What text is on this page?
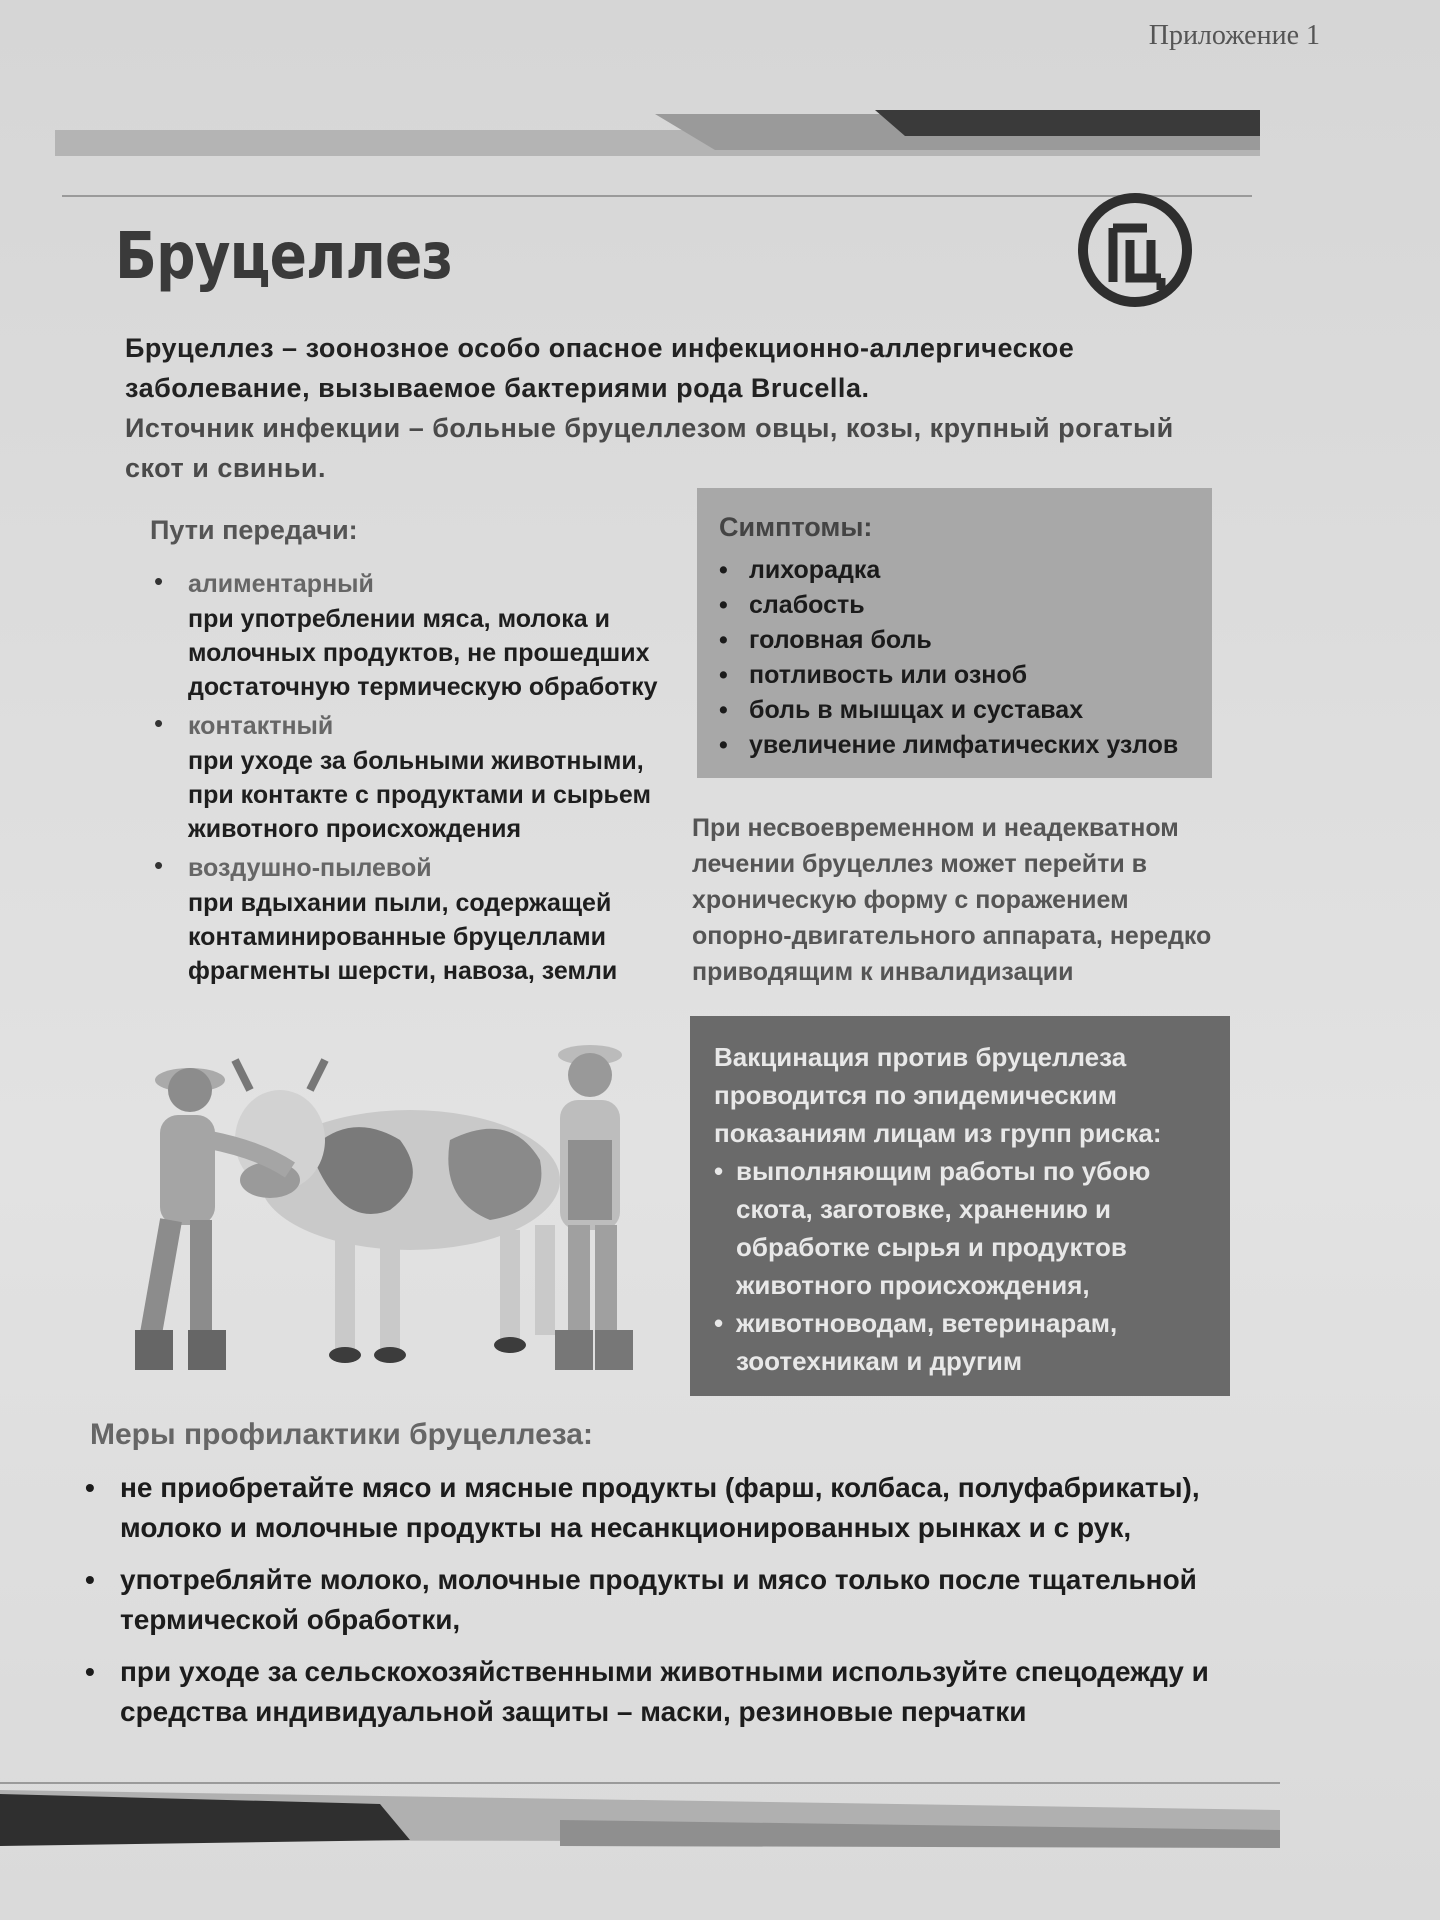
Приложение 1
Бруцеллез
Бруцеллез – зоонозное особо опасное инфекционно-аллергическое заболевание, вызываемое бактериями рода Brucella.
Источник инфекции – больные бруцеллезом овцы, козы, крупный рогатый скот и свиньи.
Пути передачи:
• алиментарный
при употреблении мяса, молока и молочных продуктов, не прошедших достаточную термическую обработку
• контактный
при уходе за больными животными, при контакте с продуктами и сырьем животного происхождения
• воздушно-пылевой
при вдыхании пыли, содержащей контаминированные бруцеллами фрагменты шерсти, навоза, земли
Симптомы:
• лихорадка
• слабость
• головная боль
• потливость или озноб
• боль в мышцах и суставах
• увеличение лимфатических узлов
При несвоевременном и неадекватном лечении бруцеллез может перейти в хроническую форму с поражением опорно-двигательного аппарата, нередко приводящим к инвалидизации
Вакцинация против бруцеллеза проводится по эпидемическим показаниям лицам из групп риска:
• выполняющим работы по убою скота, заготовке, хранению и обработке сырья и продуктов животного происхождения,
• животноводам, ветеринарам, зоотехникам и другим
Меры профилактики бруцеллеза:
• не приобретайте мясо и мясные продукты (фарш, колбаса, полуфабрикаты), молоко и молочные продукты на несанкционированных рынках и с рук,
• употребляйте молоко, молочные продукты и мясо только после тщательной термической обработки,
• при уходе за сельскохозяйственными животными используйте спецодежду и средства индивидуальной защиты – маски, резиновые перчатки
